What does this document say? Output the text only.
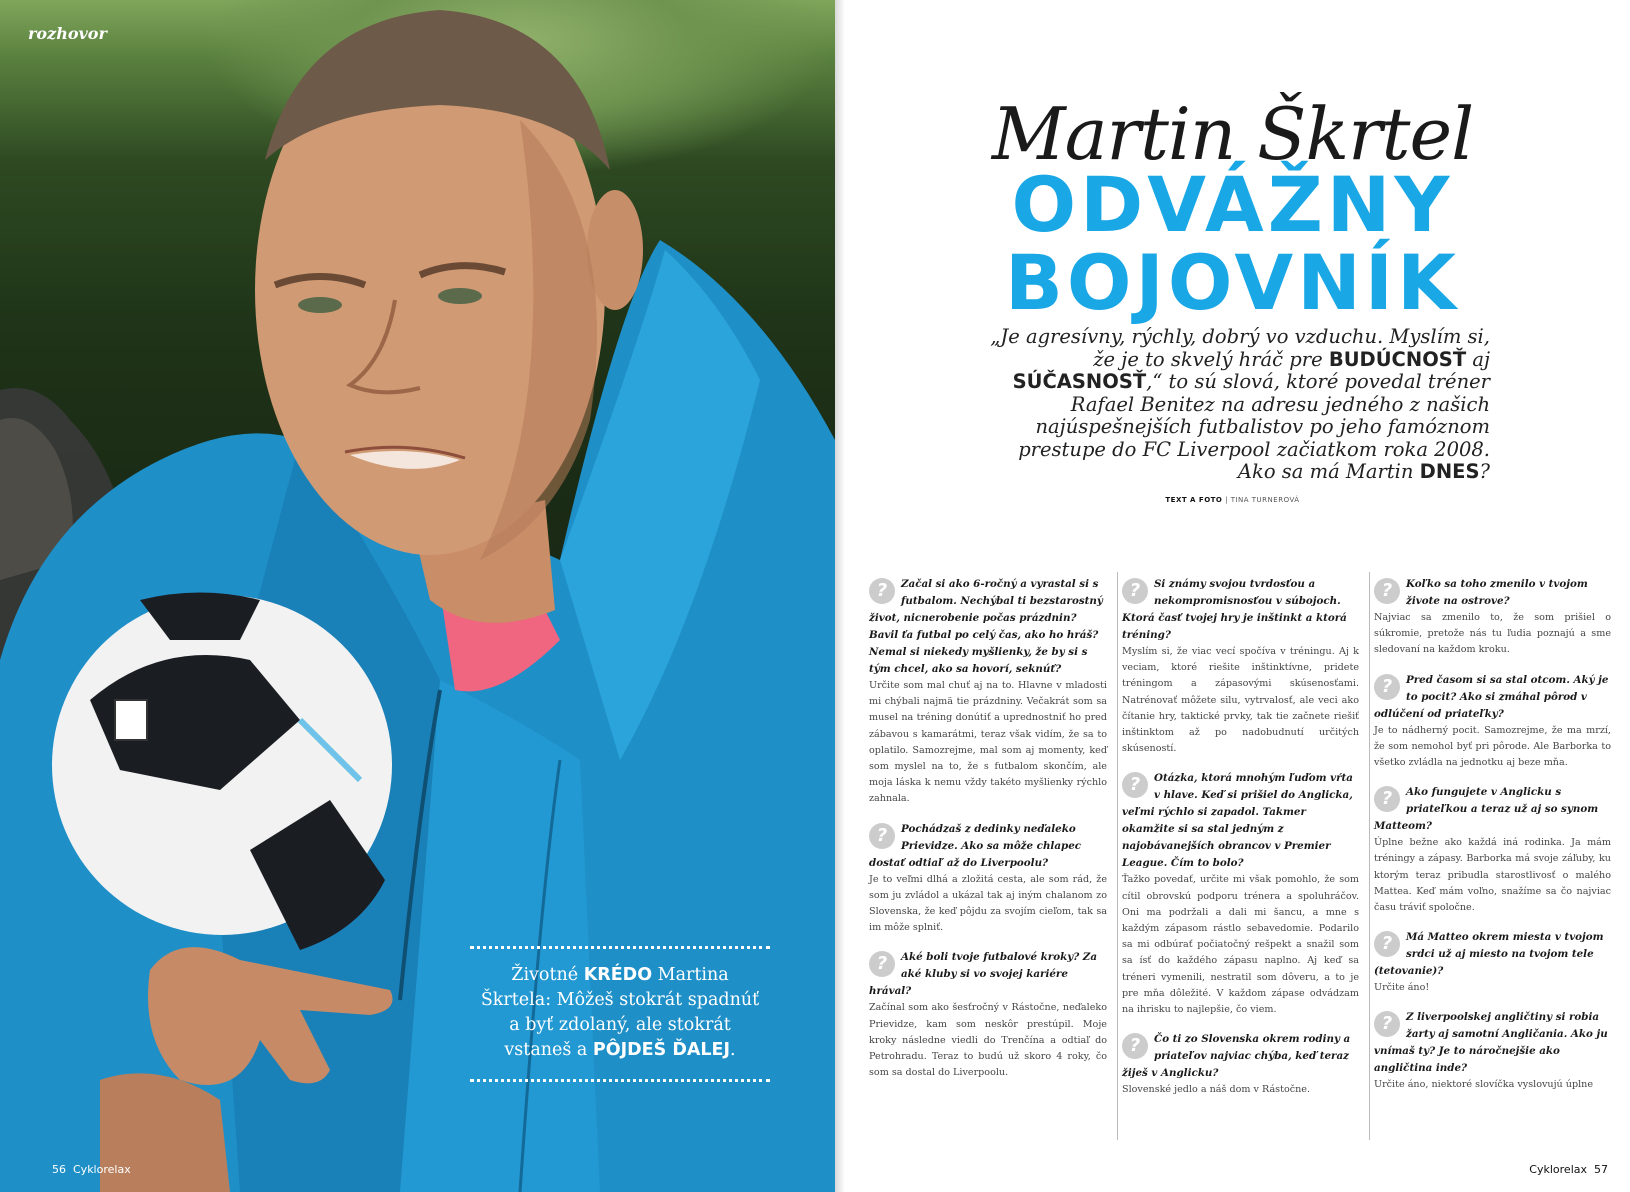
rozhovor
Životné KRÉDO Martina Škrtela: Môžeš stokrát spadnúť a byť zdolaný, ale stokrát vstaneš a PÔJDEŠ ĎALEJ.
56 Cyklorelax
Martin Škrtel
ODVÁŽNY
BOJOVNÍK
„Je agresívny, rýchly, dobrý vo vzduchu. Myslím si, že je to skvelý hráč pre BUDÚCNOSŤ aj SÚČASNOSŤ,“ to sú slová, ktoré povedal tréner Rafael Benitez na adresu jedného z našich najúspešnejších futbalistov po jeho famóznom prestupe do FC Liverpool začiatkom roka 2008. Ako sa má Martin DNES?
TEXT A FOTO | TINA TURNEROVÁ
?	Začal si ako 6-ročný a vyrastal si s futbalom. Nechýbal ti bezstarostný život, nicnerobenie počas prázdnin? Bavil ťa futbal po celý čas, ako ho hráš? Nemal si niekedy myšlienky, že by si s tým chcel, ako sa hovorí, seknúť?
Určite som mal chuť aj na to. Hlavne v mladosti mi chýbali najmä tie prázdniny. Večakrát som sa musel na tréning donútiť a uprednostniť ho pred zábavou s kamarátmi, teraz však vidím, že sa to oplatilo. Samozrejme, mal som aj momenty, keď som myslel na to, že s futbalom skončím, ale moja láska k nemu vždy takéto myšlienky rýchlo zahnala.
?	Pochádzaš z dedinky neďaleko Prievidze. Ako sa môže chlapec dostať odtiaľ až do Liverpoolu?
Je to veľmi dlhá a zložitá cesta, ale som rád, že som ju zvládol a ukázal tak aj iným chalanom zo Slovenska, že keď pôjdu za svojím cieľom, tak sa im môže splniť.
?	Aké boli tvoje futbalové kroky? Za aké kluby si vo svojej kariére hrával?
Začínal som ako šesťročný v Rástočne, neďaleko Prievidze, kam som neskôr prestúpil. Moje kroky následne viedli do Trenčína a odtiaľ do Petrohradu. Teraz to budú už skoro 4 roky, čo som sa dostal do Liverpoolu.
?	Si známy svojou tvrdosťou a nekompromisnosťou v súbojoch. Ktorá časť tvojej hry je inštinkt a ktorá tréning?
Myslím si, že viac vecí spočíva v tréningu. Aj k veciam, ktoré riešite inštinktívne, pridete tréningom a zápasovými skúsenosťami. Natrénovať môžete silu, vytrvalosť, ale veci ako čítanie hry, taktické prvky, tak tie začnete riešiť inštinktom až po nadobudnutí určitých skúseností.
?	Otázka, ktorá mnohým ľuďom vŕta v hlave. Keď si prišiel do Anglicka, veľmi rýchlo si zapadol. Takmer okamžite si sa stal jedným z najobávanejších obrancov v Premier League. Čím to bolo?
Ťažko povedať, určite mi však pomohlo, že som cítil obrovskú podporu trénera a spoluhráčov. Oni ma podržali a dali mi šancu, a mne s každým zápasom rástlo sebavedomie. Podarilo sa mi odbúrať počiatočný rešpekt a snažil som sa ísť do každého zápasu naplno. Aj keď sa tréneri vymenili, nestratil som dôveru, a to je pre mňa dôležité. V každom zápase odvádzam na ihrisku to najlepšie, čo viem.
?	Čo ti zo Slovenska okrem rodiny a priateľov najviac chýba, keď teraz žiješ v Anglicku?
Slovenské jedlo a náš dom v Rástočne.
?	Koľko sa toho zmenilo v tvojom živote na ostrove?
Najviac sa zmenilo to, že som prišiel o súkromie, pretože nás tu ľudia poznajú a sme sledovaní na každom kroku.
?	Pred časom si sa stal otcom. Aký je to pocit? Ako si zmáhal pôrod v odlúčení od priateľky?
Je to nádherný pocit. Samozrejme, že ma mrzí, že som nemohol byť pri pôrode. Ale Barborka to všetko zvládla na jednotku aj beze mňa.
?	Ako fungujete v Anglicku s priateľkou a teraz už aj so synom Matteom?
Úplne bežne ako každá iná rodinka. Ja mám tréningy a zápasy. Barborka má svoje záľuby, ku ktorým teraz pribudla starostlivosť o malého Mattea. Keď mám voľno, snažíme sa čo najviac času tráviť spoločne.
?	Má Matteo okrem miesta v tvojom srdci už aj miesto na tvojom tele (tetovanie)?
Určite áno!
?	Z liverpoolskej angličtiny si robia žarty aj samotní Angličania. Ako ju vnímaš ty? Je to náročnejšie ako angličtina inde?
Určite áno, niektoré slovíčka vyslovujú úplne
Cyklorelax 57
